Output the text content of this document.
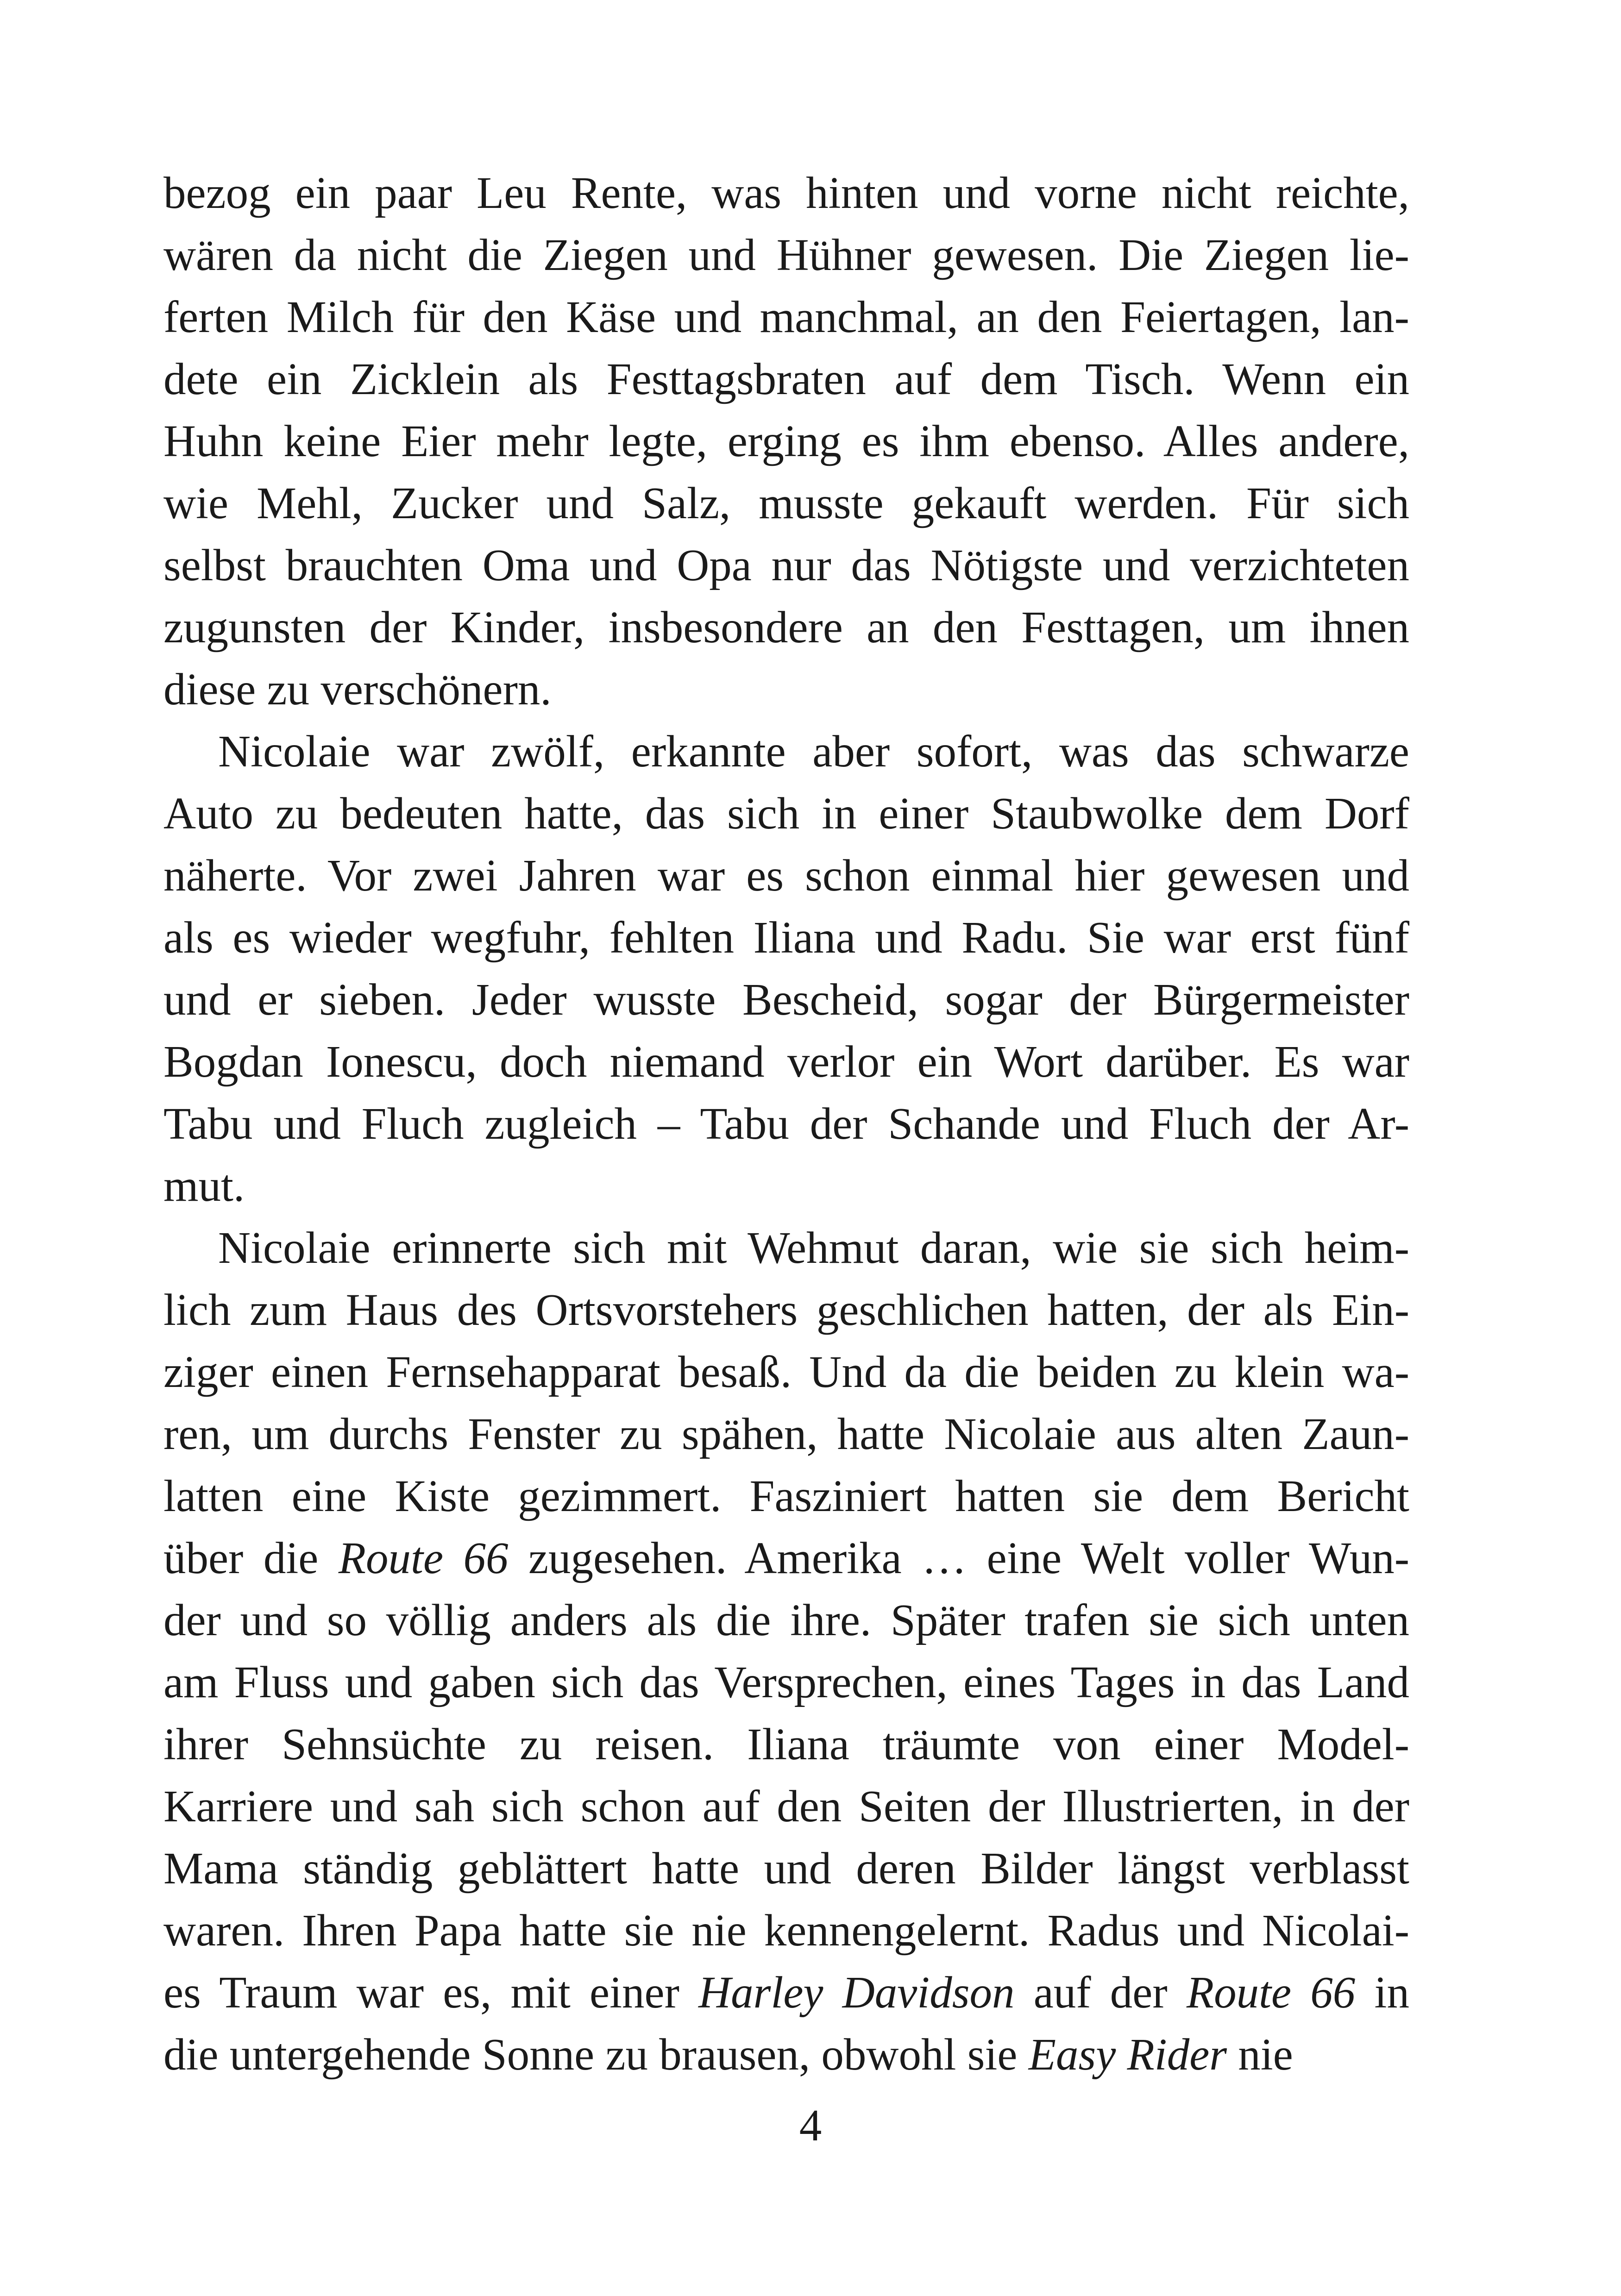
bezog ein paar Leu Rente, was hinten und vorne nicht reichte,
wären da nicht die Ziegen und Hühner gewesen. Die Ziegen lie-
ferten Milch für den Käse und manchmal, an den Feiertagen, lan-
dete ein Zicklein als Festtagsbraten auf dem Tisch. Wenn ein
Huhn keine Eier mehr legte, erging es ihm ebenso. Alles andere,
wie Mehl, Zucker und Salz, musste gekauft werden. Für sich
selbst brauchten Oma und Opa nur das Nötigste und verzichteten
zugunsten der Kinder, insbesondere an den Festtagen, um ihnen
diese zu verschönern.
Nicolaie war zwölf, erkannte aber sofort, was das schwarze
Auto zu bedeuten hatte, das sich in einer Staubwolke dem Dorf
näherte. Vor zwei Jahren war es schon einmal hier gewesen und
als es wieder wegfuhr, fehlten Iliana und Radu. Sie war erst fünf
und er sieben. Jeder wusste Bescheid, sogar der Bürgermeister
Bogdan Ionescu, doch niemand verlor ein Wort darüber. Es war
Tabu und Fluch zugleich – Tabu der Schande und Fluch der Ar-
mut.
Nicolaie erinnerte sich mit Wehmut daran, wie sie sich heim-
lich zum Haus des Ortsvorstehers geschlichen hatten, der als Ein-
ziger einen Fernsehapparat besaß. Und da die beiden zu klein wa-
ren, um durchs Fenster zu spähen, hatte Nicolaie aus alten Zaun-
latten eine Kiste gezimmert. Fasziniert hatten sie dem Bericht
über die Route 66 zugesehen. Amerika … eine Welt voller Wun-
der und so völlig anders als die ihre. Später trafen sie sich unten
am Fluss und gaben sich das Versprechen, eines Tages in das Land
ihrer Sehnsüchte zu reisen. Iliana träumte von einer Model-
Karriere und sah sich schon auf den Seiten der Illustrierten, in der
Mama ständig geblättert hatte und deren Bilder längst verblasst
waren. Ihren Papa hatte sie nie kennengelernt. Radus und Nicolai-
es Traum war es, mit einer Harley Davidson auf der Route 66 in
die untergehende Sonne zu brausen, obwohl sie Easy Rider nie
4
